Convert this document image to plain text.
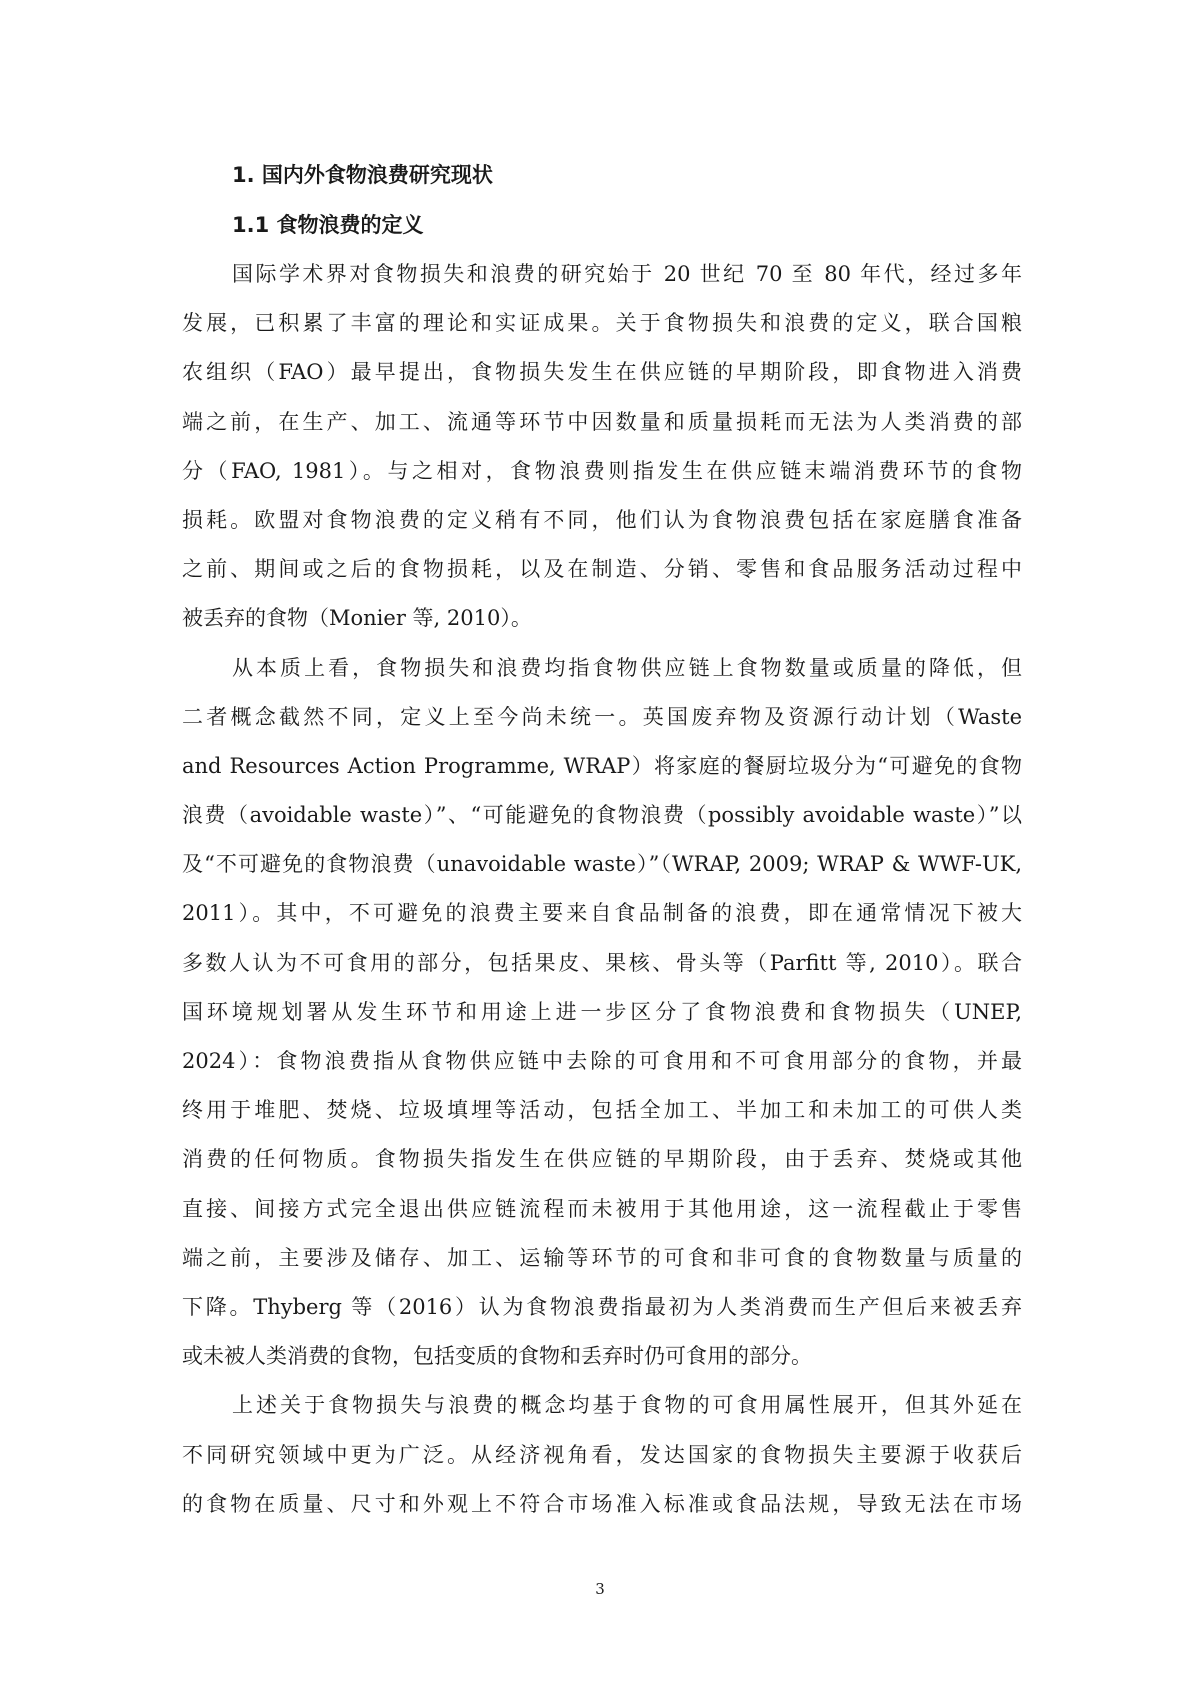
1. 国内外食物浪费研究现状
1.1 食物浪费的定义
国际学术界对食物损失和浪费的研究始于 20 世纪 70 至 80 年代，经过多年
发展，已积累了丰富的理论和实证成果。关于食物损失和浪费的定义，联合国粮
农组织（FAO）最早提出，食物损失发生在供应链的早期阶段，即食物进入消费
端之前，在生产、加工、流通等环节中因数量和质量损耗而无法为人类消费的部
分（FAO, 1981）。与之相对，食物浪费则指发生在供应链末端消费环节的食物
损耗。欧盟对食物浪费的定义稍有不同，他们认为食物浪费包括在家庭膳食准备
之前、期间或之后的食物损耗，以及在制造、分销、零售和食品服务活动过程中
被丢弃的食物（Monier 等, 2010）。
从本质上看，食物损失和浪费均指食物供应链上食物数量或质量的降低，但
二者概念截然不同，定义上至今尚未统一。英国废弃物及资源行动计划（Waste
and Resources Action Programme, WRAP）将家庭的餐厨垃圾分为“可避免的食物
浪费（avoidable waste）”、“可能避免的食物浪费（possibly avoidable waste）”以
及“不可避免的食物浪费（unavoidable waste）”（WRAP, 2009; WRAP & WWF-UK,
2011）。其中，不可避免的浪费主要来自食品制备的浪费，即在通常情况下被大
多数人认为不可食用的部分，包括果皮、果核、骨头等（Parfitt 等, 2010）。联合
国环境规划署从发生环节和用途上进一步区分了食物浪费和食物损失（UNEP,
2024）：食物浪费指从食物供应链中去除的可食用和不可食用部分的食物，并最
终用于堆肥、焚烧、垃圾填埋等活动，包括全加工、半加工和未加工的可供人类
消费的任何物质。食物损失指发生在供应链的早期阶段，由于丢弃、焚烧或其他
直接、间接方式完全退出供应链流程而未被用于其他用途，这一流程截止于零售
端之前，主要涉及储存、加工、运输等环节的可食和非可食的食物数量与质量的
下降。Thyberg 等（2016）认为食物浪费指最初为人类消费而生产但后来被丢弃
或未被人类消费的食物，包括变质的食物和丢弃时仍可食用的部分。
上述关于食物损失与浪费的概念均基于食物的可食用属性展开，但其外延在
不同研究领域中更为广泛。从经济视角看，发达国家的食物损失主要源于收获后
的食物在质量、尺寸和外观上不符合市场准入标准或食品法规，导致无法在市场
3
